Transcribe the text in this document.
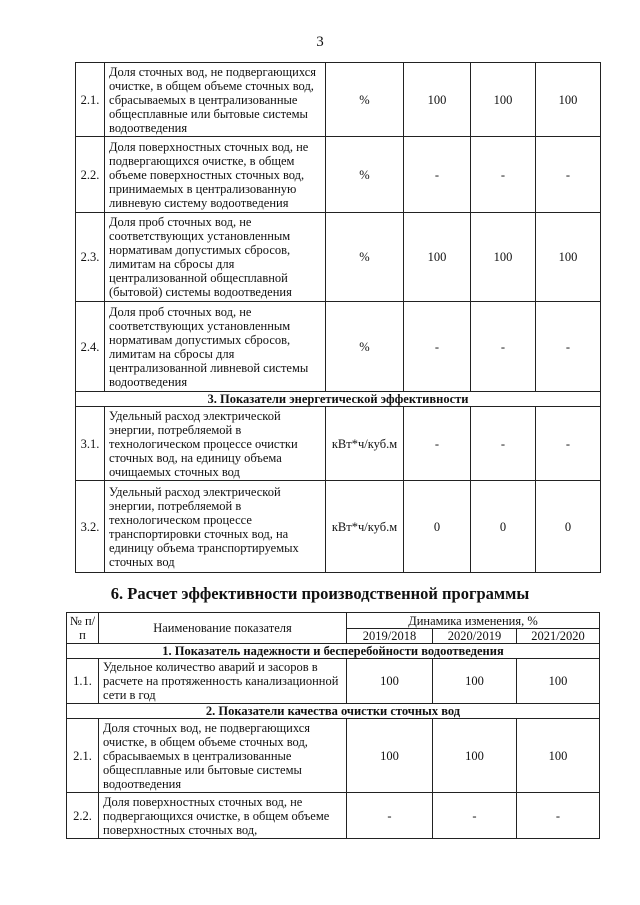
3
2.1.	Доля сточных вод, не подвергающихся очистке, в общем объеме сточных вод, сбрасываемых в централизованные общесплавные или бытовые системы водоотведения	%	100	100	100
2.2.	Доля поверхностных сточных вод, не подвергающихся очистке, в общем объеме поверхностных сточных вод, принимаемых в централизованную ливневую систему водоотведения	%	-	-	-
2.3.	Доля проб сточных вод, не соответствующих установленным нормативам допустимых сбросов, лимитам на сбросы для централизованной общесплавной (бытовой) системы водоотведения	%	100	100	100
2.4.	Доля проб сточных вод, не соответствующих установленным нормативам допустимых сбросов, лимитам на сбросы для централизованной ливневой системы водоотведения	%	-	-	-
3. Показатели энергетической эффективности					
3.1.	Удельный расход электрической энергии, потребляемой в технологическом процессе очистки сточных вод, на единицу объема очищаемых сточных вод	кВт*ч/куб.м	-	-	-
3.2.	Удельный расход электрической энергии, потребляемой в технологическом процессе транспортировки сточных вод, на единицу объема транспортируемых сточных вод	кВт*ч/куб.м	0	0	0
6. Расчет эффективности производственной программы
№ п/п	Наименование показателя	Динамика изменения, %		
		2019/2018	2020/2019	2021/2020
1. Показатель надежности и бесперебойности водоотведения				
1.1.	Удельное количество аварий и засоров в расчете на протяженность канализационной сети в год	100	100	100
2. Показатели качества очистки сточных вод				
2.1.	Доля сточных вод, не подвергающихся очистке, в общем объеме сточных вод, сбрасываемых в централизованные общесплавные или бытовые системы водоотведения	100	100	100
2.2.	Доля поверхностных сточных вод, не подвергающихся очистке, в общем объеме поверхностных сточных вод,	-	-	-
